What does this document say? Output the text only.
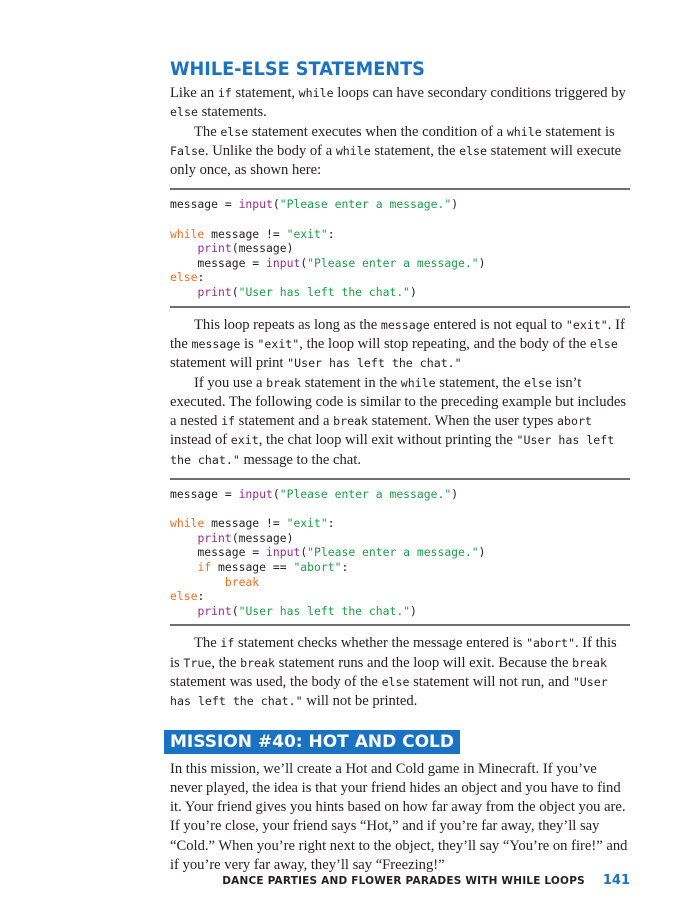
WHILE-ELSE STATEMENTS

Like an if statement, while loops can have secondary conditions triggered by else statements.

The else statement executes when the condition of a while statement is False. Unlike the body of a while statement, the else statement will execute only once, as shown here:

message = input("Please enter a message.")
while message != "exit":
print(message)
message = input("Please enter a message.")
else:
print("User has left the chat.")

This loop repeats as long as the message entered is not equal to "exit". If the message is "exit", the loop will stop repeating, and the body of the else statement will print "User has left the chat."

If you use a break statement in the while statement, the else isn’t executed. The following code is similar to the preceding example but includes a nested if statement and a break statement. When the user types abort instead of exit, the chat loop will exit without printing the "User has left the chat." message to the chat.

message = input("Please enter a message.")
while message != "exit":
print(message)
message = input("Please enter a message.")
if message == "abort":
break
else:
print("User has left the chat.")

The if statement checks whether the message entered is "abort". If this is True, the break statement runs and the loop will exit. Because the break statement was used, the body of the else statement will not run, and "User has left the chat." will not be printed.

MISSION #40: HOT AND COLD

In this mission, we’ll create a Hot and Cold game in Minecraft. If you’ve never played, the idea is that your friend hides an object and you have to find it. Your friend gives you hints based on how far away from the object you are. If you’re close, your friend says “Hot,” and if you’re far away, they’ll say “Cold.” When you’re right next to the object, they’ll say “You’re on fire!” and if you’re very far away, they’ll say “Freezing!”

DANCE PARTIES AND FLOWER PARADES WITH WHILE LOOPS 141
